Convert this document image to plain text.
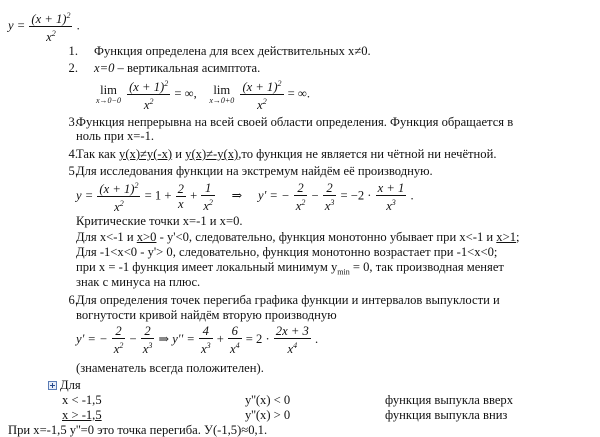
$y = \frac{(x + 1)^2}{x^2}$ .
1. Функция определена для всех действительных x≠0.
2. x=0 – вертикальная асимптота.
lim
x→0−0
$\frac{(x + 1)^2}{x^2}$ = ∞,	lim
x→0+0
$\frac{(x + 1)^2}{x^2}$ = ∞.
3.
Функция непрерывна на всей своей области определения. Функция обращается в
ноль при x=-1.
4.
Так как y(x)≠y(-x) и y(x)≠-y(x),то функция не является ни чётной ни нечётной.
5.
Для исследования функции на экстремум найдём её производную.
$y = \frac{(x + 1)^2}{x^2} = 1 + \frac{2}{x} + \frac{1}{x^2}$ ⇒ y' = − $\frac{2}{x^2} - \frac{2}{x^3} = -2 \cdot \frac{x + 1}{x^3}$ .
Критические точки x=-1 и x=0.
Для x<-1 и x>0 - y'<0, следовательно, функция монотонно убывает при x<-1 и x>1;
Для -1<x<0 - y'> 0, следовательно, функция монотонно возрастает при -1<x<0;
при x = -1 функция имеет локальный минимум $y_{min} = 0$, так производная меняет
знак с минуса на плюс.
6.
Для определения точек перегиба графика функции и интервалов выпуклости и
вогнутости кривой найдём вторую производную
y' = − $\frac{2}{x^2} - \frac{2}{x^3}$ ⇒ $y'' = \frac{4}{x^3} + \frac{6}{x^4} = 2 \cdot \frac{2x + 3}{x^4}$ .
(знаменатель всегда положителен).
Для
x < -1,5	y''(x) < 0	функция выпукла вверх
x > -1,5	y''(x) > 0	функция выпукла вниз
При x=-1,5 y''=0 это точка перегиба. У(-1,5)≈0,1.
